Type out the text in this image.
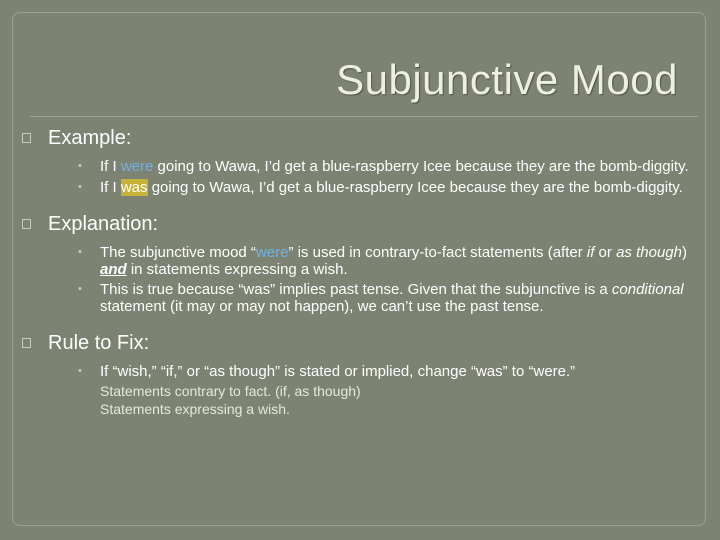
Subjunctive Mood
Example:
• If I were going to Wawa, I’d get a blue-raspberry Icee because they are the bomb-diggity.
• If I was going to Wawa, I’d get a blue-raspberry Icee because they are the bomb-diggity.
Explanation:
• The subjunctive mood “were” is used in contrary-to-fact statements (after if or as though) and in statements expressing a wish.
• This is true because “was” implies past tense. Given that the subjunctive is a conditional statement (it may or may not happen), we can’t use the past tense.
Rule to Fix:
• If “wish,” “if,” or “as though” is stated or implied, change “was” to “were.”
Statements contrary to fact. (if, as though)
Statements expressing a wish.
